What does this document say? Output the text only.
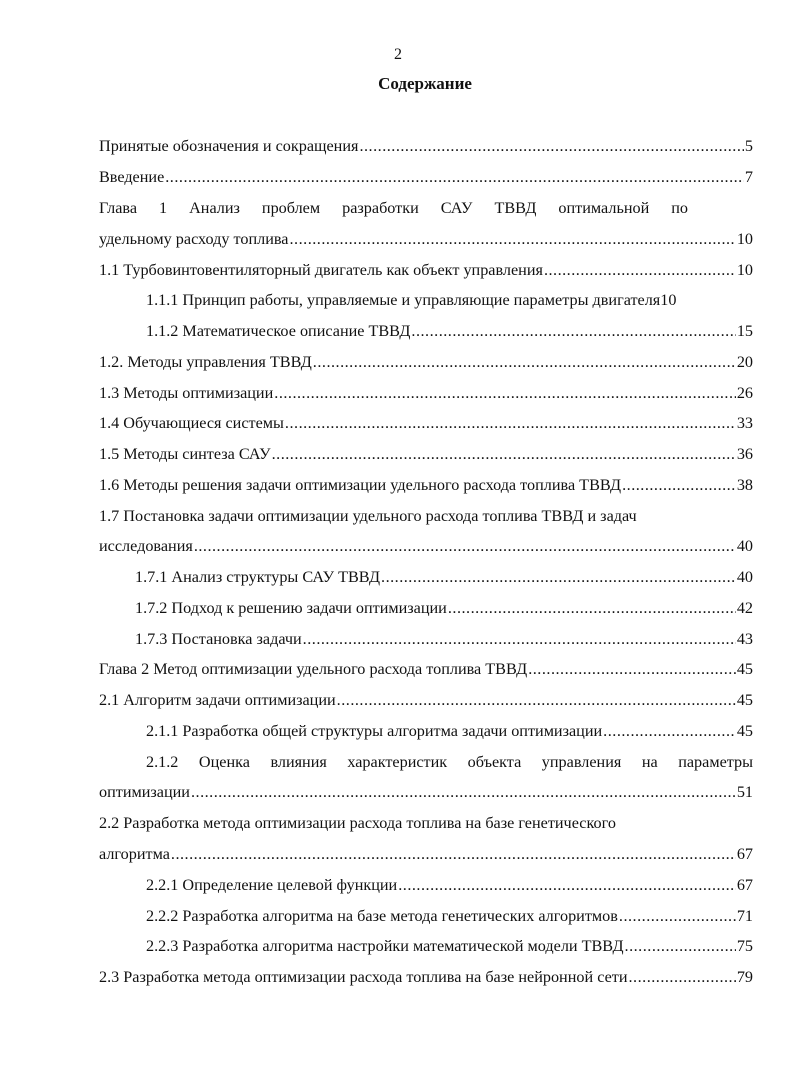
2
Содержание
Принятые обозначения и сокращения .....	5
Введение .....	7
Глава 1 Анализ проблем разработки САУ ТВВД оптимальной по
удельному расходу топлива .....	10
1.1 Турбовинтовентиляторный двигатель как объект управления .....	10
1.1.1 Принцип работы, управляемые и управляющие параметры двигателя 10
1.1.2 Математическое описание ТВВД .....	15
1.2. Методы управления ТВВД .....	20
1.3 Методы оптимизации .....	26
1.4 Обучающиеся системы .....	33
1.5 Методы синтеза САУ .....	36
1.6 Методы решения задачи оптимизации удельного расхода топлива ТВВД .....	38
1.7 Постановка задачи оптимизации удельного расхода топлива ТВВД и задач
исследования .....	40
1.7.1 Анализ структуры САУ ТВВД .....	40
1.7.2 Подход к решению задачи оптимизации .....	42
1.7.3 Постановка задачи .....	43
Глава 2 Метод оптимизации удельного расхода топлива ТВВД .....	45
2.1 Алгоритм задачи оптимизации .....	45
2.1.1 Разработка общей структуры алгоритма задачи оптимизации .....	45
2.1.2 Оценка влияния характеристик объекта управления на параметры
оптимизации .....	51
2.2 Разработка метода оптимизации расхода топлива на базе генетического
алгоритма .....	67
2.2.1 Определение целевой функции .....	67
2.2.2 Разработка алгоритма на базе метода генетических алгоритмов .....	71
2.2.3 Разработка алгоритма настройки математической модели ТВВД .....	75
2.3 Разработка метода оптимизации расхода топлива на базе нейронной сети .....	79
